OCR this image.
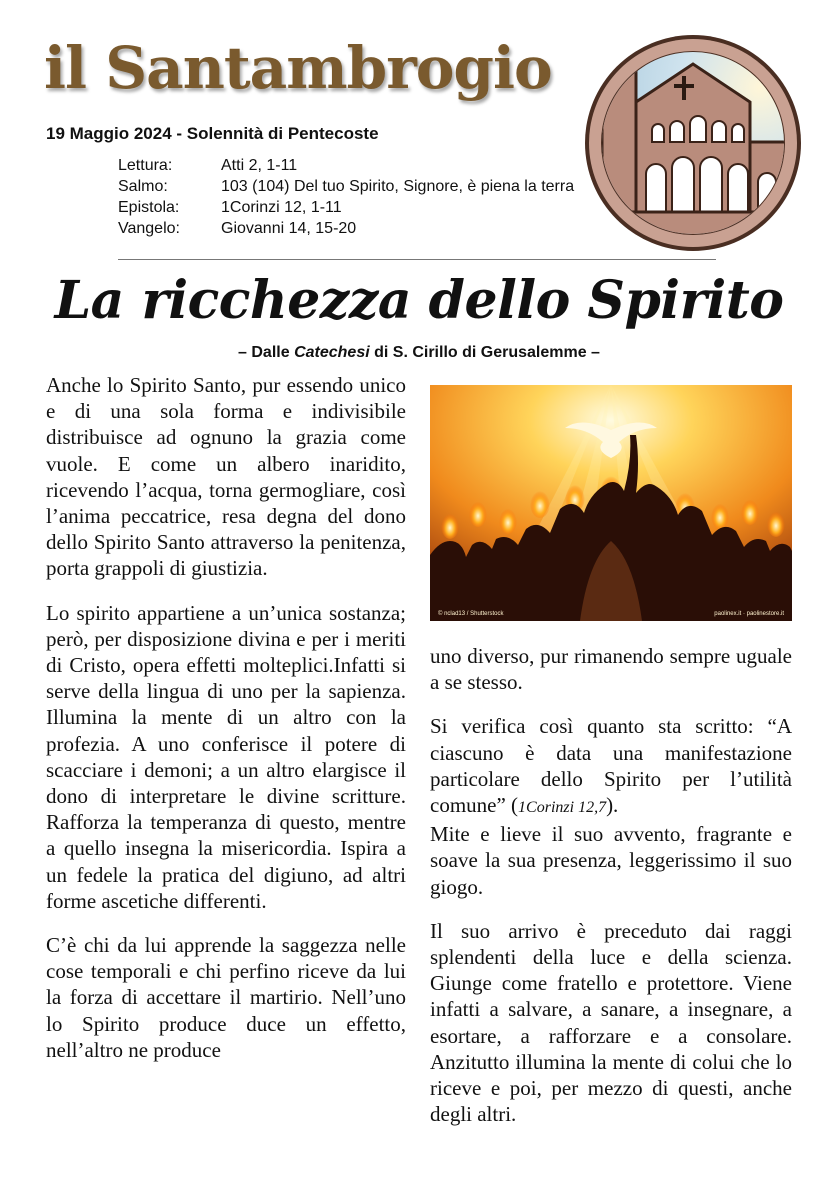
il Santambrogio
19 Maggio 2024 - Solennità di Pentecoste
Lettura:	Atti 2, 1-11
Salmo:	103 (104) Del tuo Spirito, Signore, è piena la terra
Epistola:	1Corinzi 12, 1-11
Vangelo:	Giovanni 14, 15-20
La ricchezza dello Spirito
– Dalle Catechesi di S. Cirillo di Gerusalemme –

Anche lo Spirito Santo, pur essendo unico e di una sola forma e indivisibile distribuisce ad ognuno la grazia come vuole. E come un albero inaridito, ricevendo l’acqua, torna germogliare, così l’anima peccatrice, resa degna del dono dello Spirito Santo attraverso la penitenza, porta grappoli di giustizia.

Lo spirito appartiene a un’unica sostanza; però, per disposizione divina e per i meriti di Cristo, opera effetti molteplici.Infatti si serve della lingua di uno per la sapienza. Illumina la mente di un altro con la profezia. A uno conferisce il potere di scacciare i demoni; a un altro elargisce il dono di interpretare le divine scritture. Rafforza la temperanza di questo, mentre a quello insegna la misericordia. Ispira a un fedele la pratica del digiuno, ad altri forme ascetiche differenti.

C’è chi da lui apprende la saggezza nelle cose temporali e chi perfino riceve da lui la forza di accettare il martirio. Nell’uno lo Spirito produce duce un effetto, nell’altro ne produce

© nclad13 / Shutterstock	paolinex.it · paolinestore.it

uno diverso, pur rimanendo sempre uguale a se stesso.

Si verifica così quanto sta scritto: “A ciascuno è data una manifestazione particolare dello Spirito per l’utilità comune” (1Corinzi 12,7).

Mite e lieve il suo avvento, fragrante e soave la sua presenza, leggerissimo il suo giogo.

Il suo arrivo è preceduto dai raggi splendenti della luce e della scienza. Giunge come fratello e protettore. Viene infatti a salvare, a sanare, a insegnare, a esortare, a rafforzare e a consolare. Anzitutto illumina la mente di colui che lo riceve e poi, per mezzo di questi, anche degli altri.
